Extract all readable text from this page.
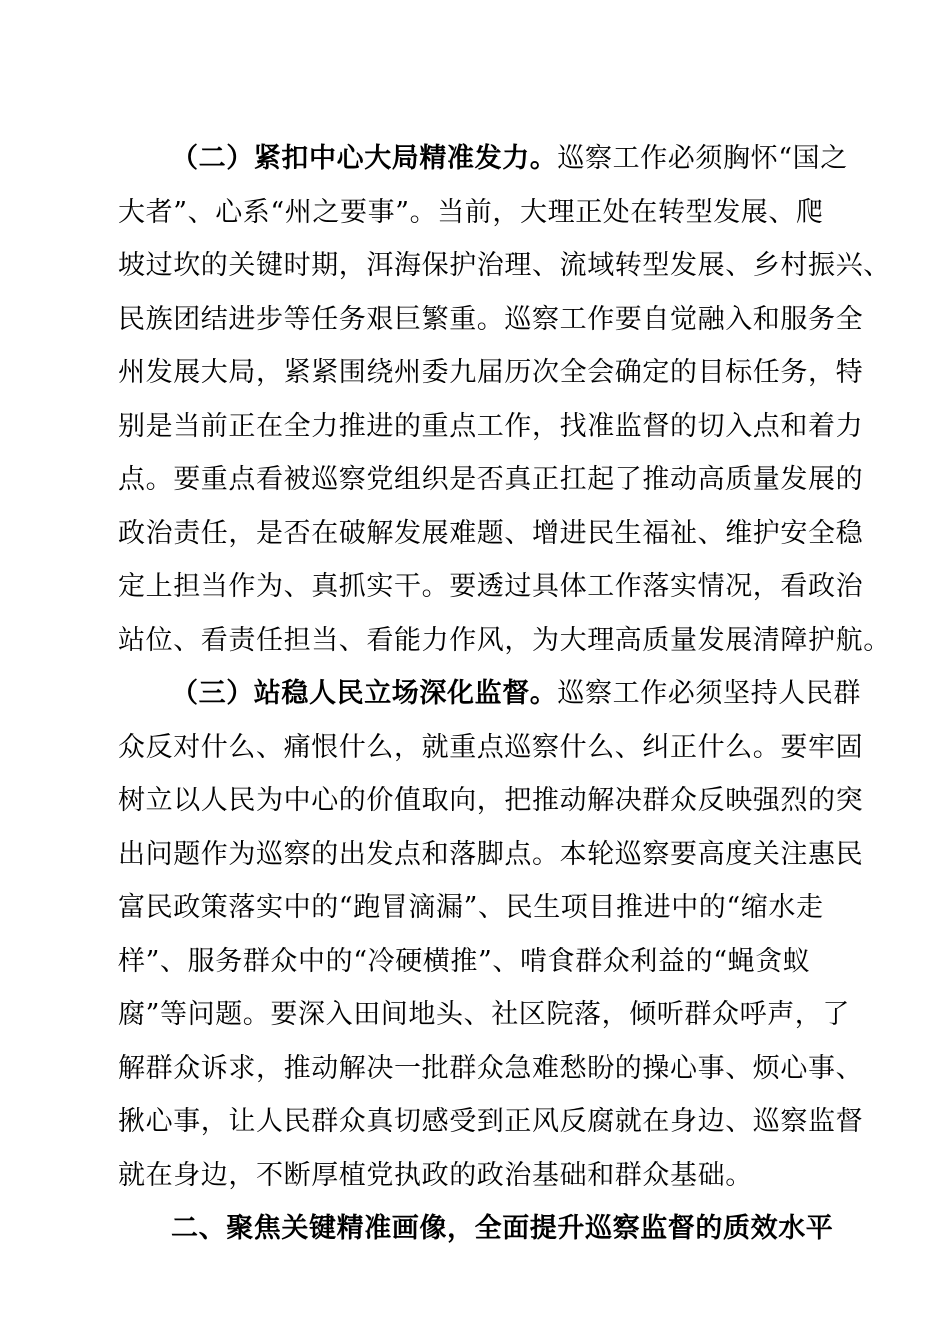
（二）紧扣中心大局精准发力。巡察工作必须胸怀“国之
大者”、心系“州之要事”。当前，大理正处在转型发展、爬
坡过坎的关键时期，洱海保护治理、流域转型发展、乡村振兴、
民族团结进步等任务艰巨繁重。巡察工作要自觉融入和服务全
州发展大局，紧紧围绕州委九届历次全会确定的目标任务，特
别是当前正在全力推进的重点工作，找准监督的切入点和着力
点。要重点看被巡察党组织是否真正扛起了推动高质量发展的
政治责任，是否在破解发展难题、增进民生福祉、维护安全稳
定上担当作为、真抓实干。要透过具体工作落实情况，看政治
站位、看责任担当、看能力作风，为大理高质量发展清障护航。
（三）站稳人民立场深化监督。巡察工作必须坚持人民群
众反对什么、痛恨什么，就重点巡察什么、纠正什么。要牢固
树立以人民为中心的价值取向，把推动解决群众反映强烈的突
出问题作为巡察的出发点和落脚点。本轮巡察要高度关注惠民
富民政策落实中的“跑冒滴漏”、民生项目推进中的“缩水走
样”、服务群众中的“冷硬横推”、啃食群众利益的“蝇贪蚁
腐”等问题。要深入田间地头、社区院落，倾听群众呼声，了
解群众诉求，推动解决一批群众急难愁盼的操心事、烦心事、
揪心事，让人民群众真切感受到正风反腐就在身边、巡察监督
就在身边，不断厚植党执政的政治基础和群众基础。
二、聚焦关键精准画像，全面提升巡察监督的质效水平
